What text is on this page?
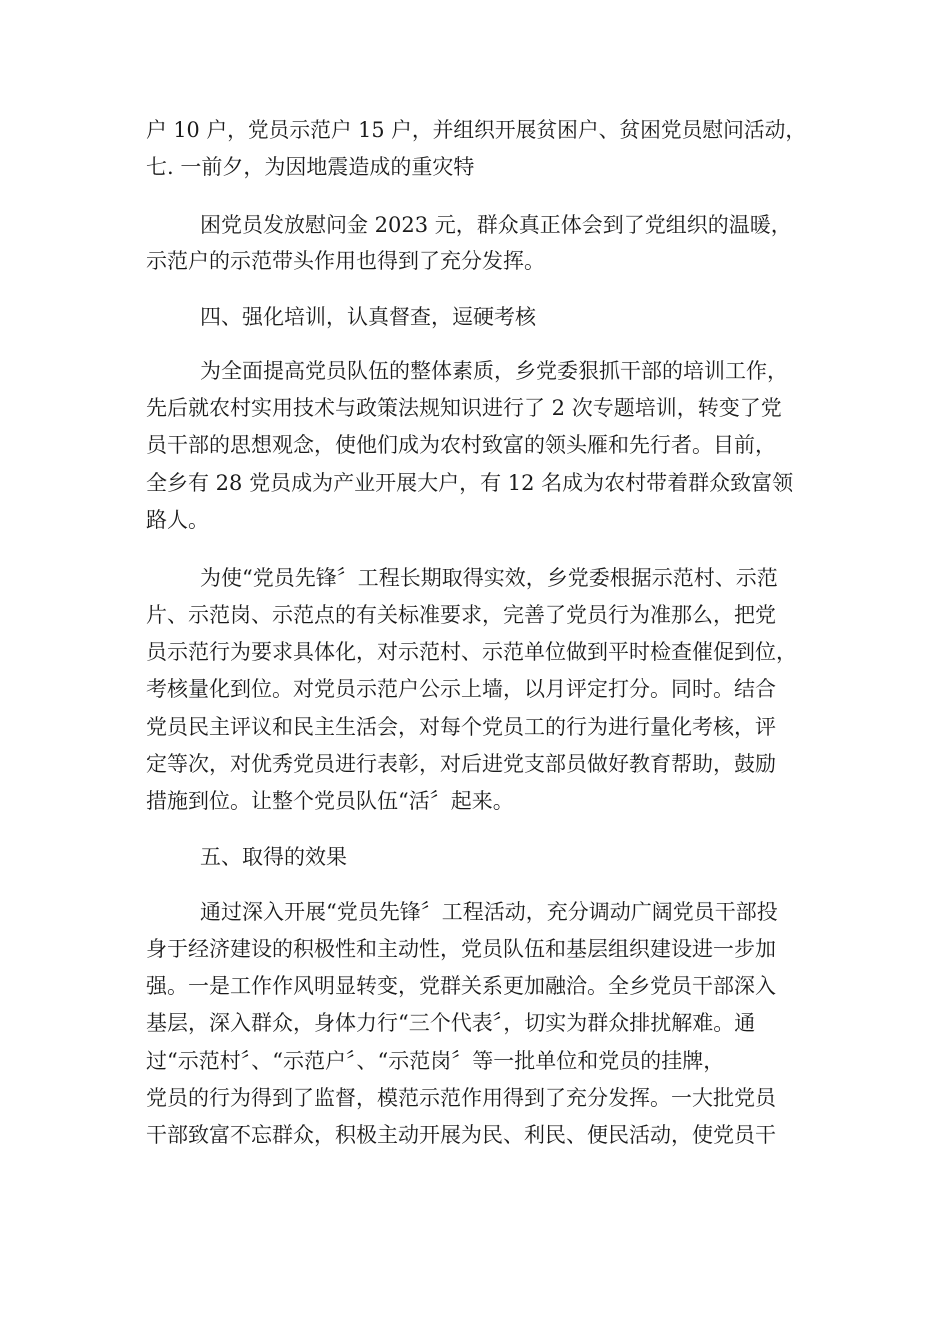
户 10 户，党员示范户 15 户，并组织开展贫困户、贫困党员慰问活动，
七. 一前夕，为因地震造成的重灾特
困党员发放慰问金 2023 元，群众真正体会到了党组织的温暖，
示范户的示范带头作用也得到了充分发挥。
四、强化培训，认真督查，逗硬考核
为全面提高党员队伍的整体素质，乡党委狠抓干部的培训工作，
先后就农村实用技术与政策法规知识进行了 2 次专题培训，转变了党
员干部的思想观念，使他们成为农村致富的领头雁和先行者。目前，
全乡有 28 党员成为产业开展大户，有 12 名成为农村带着群众致富领
路人。
为使“党员先锋〞工程长期取得实效，乡党委根据示范村、示范
片、示范岗、示范点的有关标准要求，完善了党员行为准那么，把党
员示范行为要求具体化，对示范村、示范单位做到平时检查催促到位，
考核量化到位。对党员示范户公示上墙，以月评定打分。同时。结合
党员民主评议和民主生活会，对每个党员工的行为进行量化考核，评
定等次，对优秀党员进行表彰，对后进党支部员做好教育帮助，鼓励
措施到位。让整个党员队伍“活〞起来。
五、取得的效果
通过深入开展“党员先锋〞工程活动，充分调动广阔党员干部投
身于经济建设的积极性和主动性，党员队伍和基层组织建设进一步加
强。一是工作作风明显转变，党群关系更加融洽。全乡党员干部深入
基层，深入群众，身体力行“三个代表〞，切实为群众排扰解难。通
过“示范村〞、“示范户〞、“示范岗〞等一批单位和党员的挂牌，
党员的行为得到了监督，模范示范作用得到了充分发挥。一大批党员
干部致富不忘群众，积极主动开展为民、利民、便民活动，使党员干
